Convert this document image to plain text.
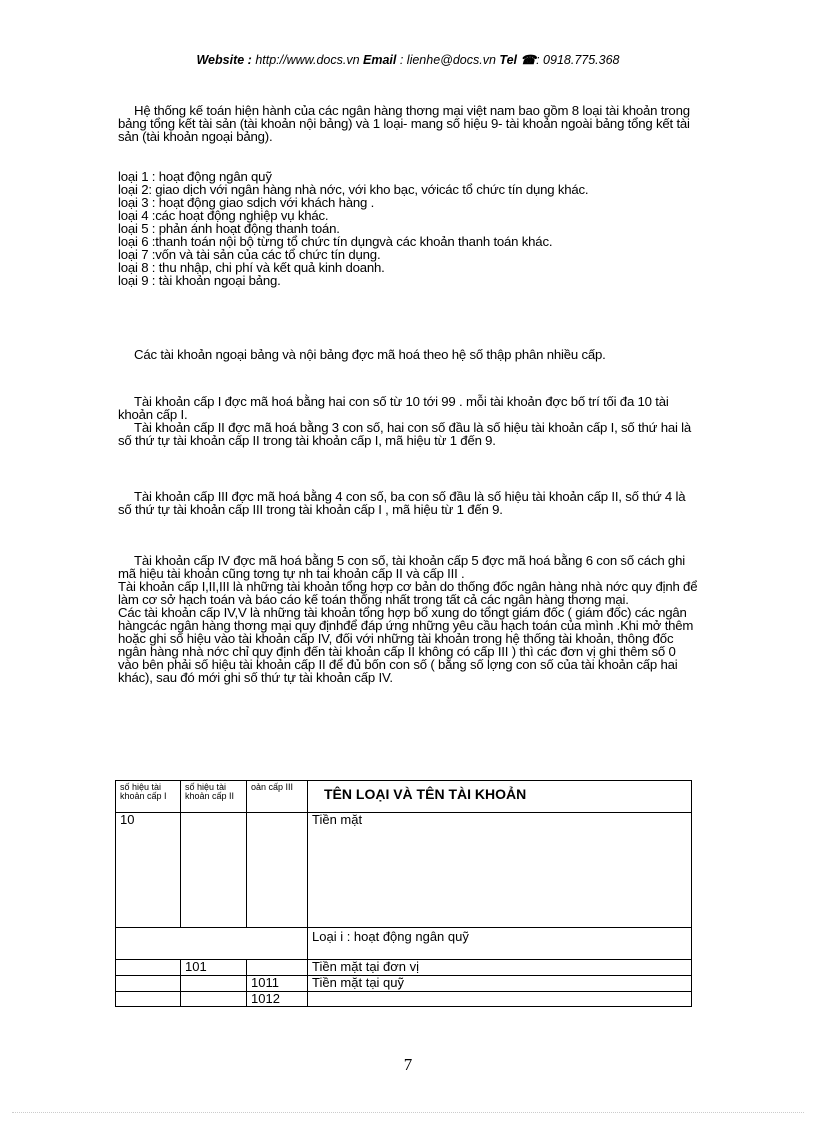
Website : http://www.docs.vn Email : lienhe@docs.vn Tel ☎: 0918.775.368

Hệ thống kế toán hiện hành của các ngân hàng thơng mại việt nam bao gồm 8 loại tài khoản trong bảng tổng kết tài sản (tài khoản nội bảng) và 1 loại- mang số hiệu 9- tài khoản ngoài bảng tổng kết tài sản (tài khoản ngoại bảng).

loại 1 : hoạt động ngân quỹ

loại 2: giao dịch với ngân hàng nhà nớc, với kho bạc, vớicác tổ chức tín dụng khác.

loại 3 : hoạt động giao sdịch với khách hàng .

loại 4 :các hoạt động nghiệp vụ khác.

loại 5 : phản ánh hoạt động thanh toán.

loại 6 :thanh toán nội bộ từng tổ chức tín dụngvà các khoản thanh toán khác.

loại 7 :vốn và tài sản của các tổ chức tín dụng.

loại 8 : thu nhập, chi phí và kết quả kinh doanh.

loại 9 : tài khoản ngoại bảng.

Các tài khoản ngoại bảng và nội bảng đợc mã hoá theo hệ số thập phân nhiều cấp.

Tài khoản cấp I đợc mã hoá bằng hai con số từ 10 tới 99 . mỗi tài khoản đợc bố trí tối đa 10 tài khoản cấp I.

Tài khoản cấp II đợc mã hoá bằng 3 con số, hai con số đầu là số hiệu tài khoản cấp I, số thứ hai là số thứ tự tài khoản cấp II trong tài khoản cấp I, mã hiệu từ 1 đến 9.

Tài khoản cấp III đợc mã hoá bằng 4 con số, ba con số đầu là số hiệu tài khoản cấp II, số thứ 4 là số thứ tự tài khoản cấp III trong tài khoản cấp I , mã hiệu từ 1 đến 9.

Tài khoản cấp IV đợc mã hoá bằng 5 con số, tài khoản cấp 5 đợc mã hoá bằng 6 con số cách ghi mã hiệu tài khoản cũng tơng tự nh tai khoản cấp II và cấp III .

Tài khoản cấp I,II,III là những tài khoản tổng hợp cơ bản do thống đốc ngân hàng nhà nớc quy định để làm cơ sở hạch toán và báo cáo kế toán thống nhất trong tất cả các ngân hàng thơng mại.

Các tài khoản cấp IV,V là những tài khoản tổng hợp bổ xung do tổngt giám đốc ( giám đốc) các ngân hàngcác ngân hàng thơng mại quy địnhđể đáp ứng những yêu cầu hạch toán của mình .Khi mở thêm hoặc ghi số hiệu vào tài khoản cấp IV, đối với những tài khoản trong hệ thống tài khoản, thông đốc ngân hàng nhà nớc chỉ quy định đến tài khoản cấp II không có cấp III ) thì các đơn vị ghi thêm số 0 vào bên phải số hiệu tài khoản cấp II để đủ bốn con số ( bằng số lợng con số của tài khoản cấp hai khác), sau đó mới ghi số thứ tự tài khoản cấp IV.

số hiệu tài khoản cấp I	số hiệu tài khoản cấp II	oản cấp III	TÊN LOẠI VÀ TÊN TÀI KHOẢN
10			Tiền mặt
			Loại i : hoạt động ngân quỹ
	101		Tiền mặt tại đơn vị
		1011	Tiền mặt tại quỹ
		1012	
7
